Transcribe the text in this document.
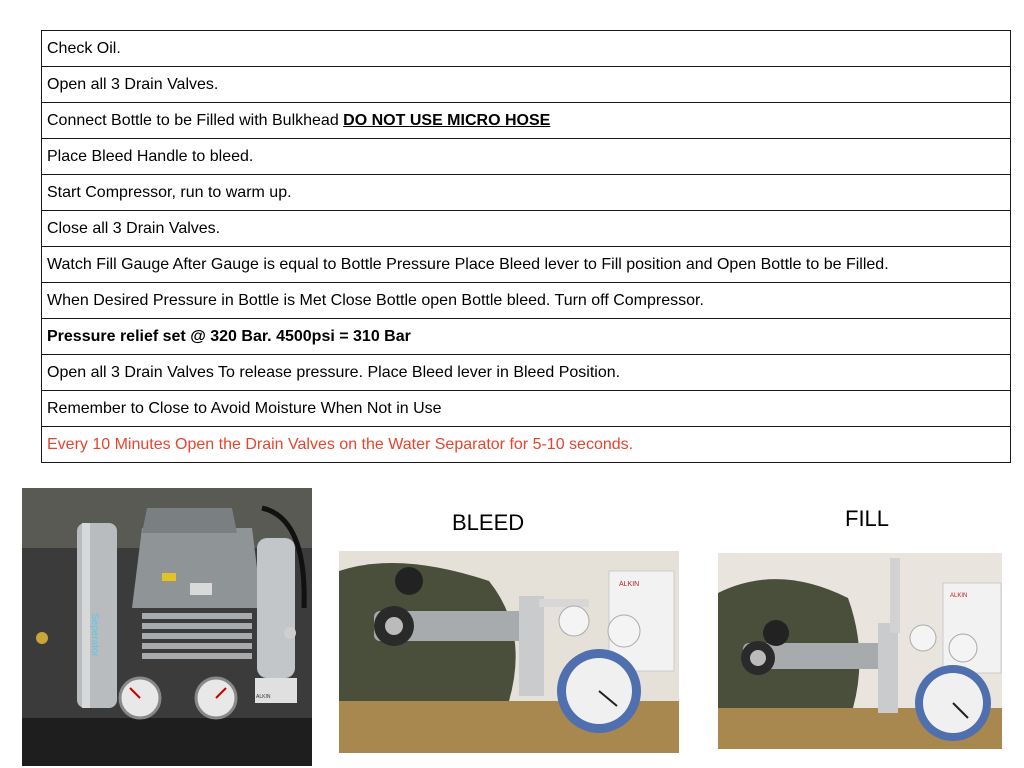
Check Oil.
Open all 3 Drain Valves.
Connect Bottle to be Filled with Bulkhead DO NOT USE MICRO HOSE
Place Bleed Handle to bleed.
Start Compressor, run to warm up.
Close all 3 Drain Valves.
Watch Fill Gauge After Gauge is equal to Bottle Pressure Place Bleed lever to Fill position and Open Bottle to be Filled.
When Desired Pressure in Bottle is Met Close Bottle open Bottle bleed. Turn off Compressor.
Pressure relief set @ 320 Bar. 4500psi = 310 Bar
Open all 3 Drain Valves To release pressure. Place Bleed lever in Bleed Position.
Remember to Close to Avoid Moisture When Not in Use
Every 10 Minutes Open the Drain Valves on the Water Separator for 5-10 seconds.
Seperator
ALKIN
BLEED
ALKIN
FILL
ALKIN
